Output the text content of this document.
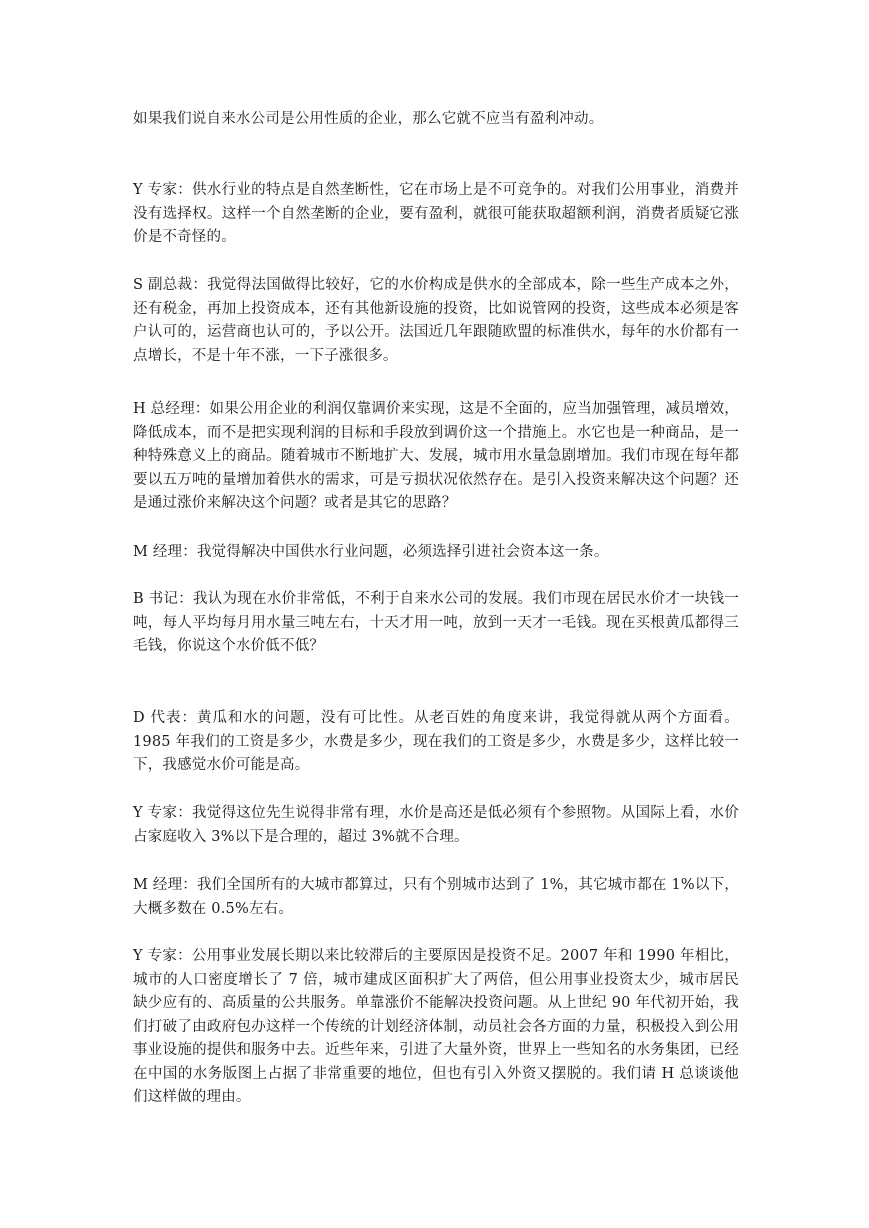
如果我们说自来水公司是公用性质的企业，那么它就不应当有盈利冲动。

Y 专家：供水行业的特点是自然垄断性，它在市场上是不可竞争的。对我们公用事业，消费并没有选择权。这样一个自然垄断的企业，要有盈利，就很可能获取超额利润，消费者质疑它涨价是不奇怪的。

S 副总裁：我觉得法国做得比较好，它的水价构成是供水的全部成本，除一些生产成本之外，还有税金，再加上投资成本，还有其他新设施的投资，比如说管网的投资，这些成本必须是客户认可的，运营商也认可的，予以公开。法国近几年跟随欧盟的标准供水，每年的水价都有一点增长，不是十年不涨，一下子涨很多。

H 总经理：如果公用企业的利润仅靠调价来实现，这是不全面的，应当加强管理，减员增效，降低成本，而不是把实现利润的目标和手段放到调价这一个措施上。水它也是一种商品，是一种特殊意义上的商品。随着城市不断地扩大、发展，城市用水量急剧增加。我们市现在每年都要以五万吨的量增加着供水的需求，可是亏损状况依然存在。是引入投资来解决这个问题？还是通过涨价来解决这个问题？或者是其它的思路？

M 经理：我觉得解决中国供水行业问题，必须选择引进社会资本这一条。

B 书记：我认为现在水价非常低，不利于自来水公司的发展。我们市现在居民水价才一块钱一吨，每人平均每月用水量三吨左右，十天才用一吨，放到一天才一毛钱。现在买根黄瓜都得三毛钱，你说这个水价低不低？

D 代表：黄瓜和水的问题，没有可比性。从老百姓的角度来讲，我觉得就从两个方面看。1985 年我们的工资是多少，水费是多少，现在我们的工资是多少，水费是多少，这样比较一下，我感觉水价可能是高。

Y 专家：我觉得这位先生说得非常有理，水价是高还是低必须有个参照物。从国际上看，水价占家庭收入 3%以下是合理的，超过 3%就不合理。

M 经理：我们全国所有的大城市都算过，只有个别城市达到了 1%，其它城市都在 1%以下，大概多数在 0.5%左右。

Y 专家：公用事业发展长期以来比较滞后的主要原因是投资不足。2007 年和 1990 年相比，城市的人口密度增长了 7 倍，城市建成区面积扩大了两倍，但公用事业投资太少，城市居民缺少应有的、高质量的公共服务。单靠涨价不能解决投资问题。从上世纪 90 年代初开始，我们打破了由政府包办这样一个传统的计划经济体制，动员社会各方面的力量，积极投入到公用事业设施的提供和服务中去。近些年来，引进了大量外资，世界上一些知名的水务集团，已经在中国的水务版图上占据了非常重要的地位，但也有引入外资又摆脱的。我们请 H 总谈谈他们这样做的理由。
